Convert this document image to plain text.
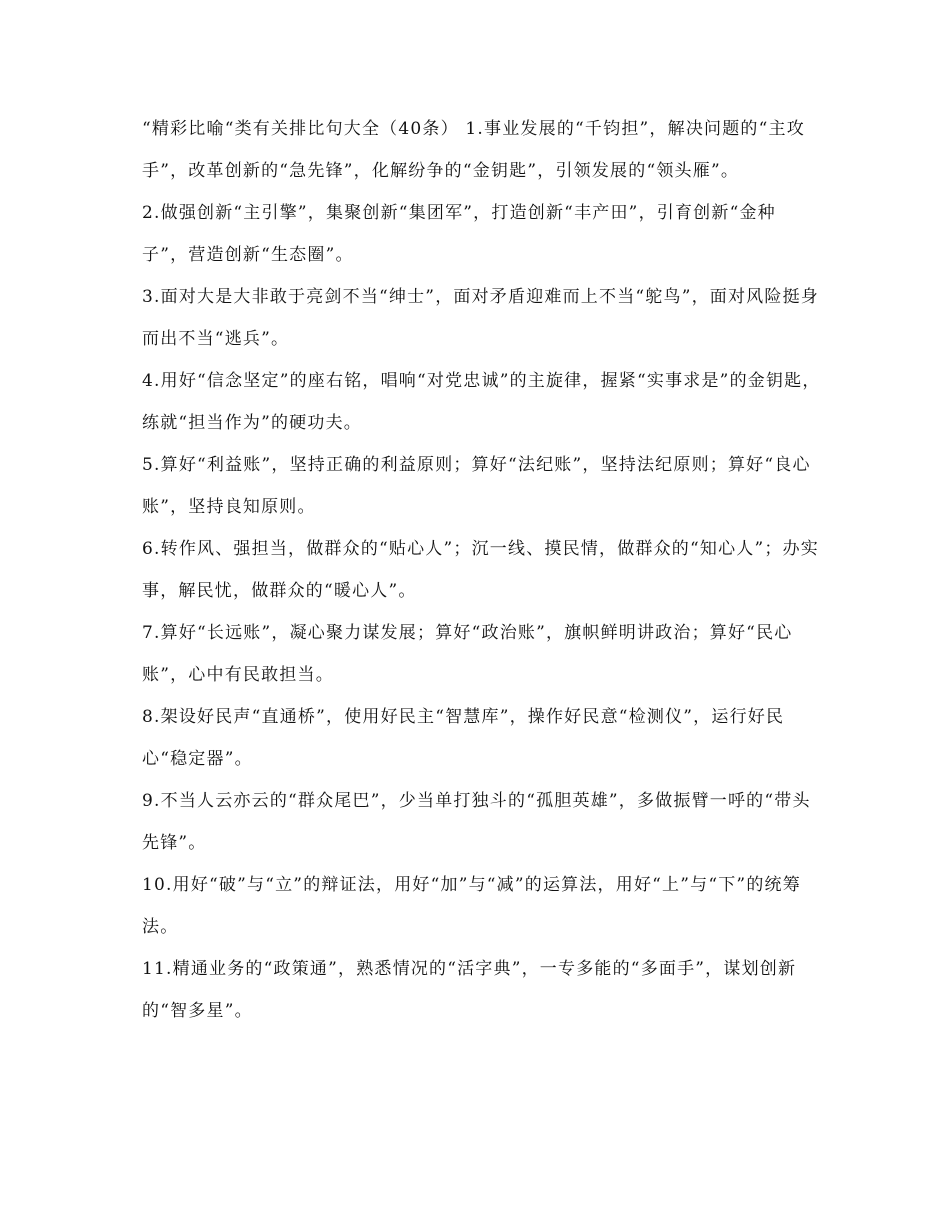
“精彩比喻“类有关排比句大全（40条） 1.事业发展的“千钧担”，解决问题的“主攻手”，改革创新的“急先锋”，化解纷争的“金钥匙”，引领发展的“领头雁”。

2.做强创新“主引擎”，集聚创新“集团军”，打造创新“丰产田”，引育创新“金种子”，营造创新“生态圈”。

3.面对大是大非敢于亮剑不当“绅士”，面对矛盾迎难而上不当“鸵鸟”，面对风险挺身而出不当“逃兵”。

4.用好“信念坚定”的座右铭，唱响“对党忠诚”的主旋律，握紧“实事求是”的金钥匙，练就“担当作为”的硬功夫。

5.算好“利益账”，坚持正确的利益原则；算好“法纪账”，坚持法纪原则；算好“良心账”，坚持良知原则。

6.转作风、强担当，做群众的“贴心人”；沉一线、摸民情，做群众的“知心人”；办实事，解民忧，做群众的“暖心人”。

7.算好“长远账”，凝心聚力谋发展；算好“政治账”，旗帜鲜明讲政治；算好“民心账”，心中有民敢担当。

8.架设好民声“直通桥”，使用好民主“智慧库”，操作好民意“检测仪”，运行好民心“稳定器”。

9.不当人云亦云的“群众尾巴”，少当单打独斗的“孤胆英雄”，多做振臂一呼的“带头先锋”。

10.用好“破”与“立”的辩证法，用好“加”与“减”的运算法，用好“上”与“下”的统筹法。

11.精通业务的“政策通”，熟悉情况的“活字典”，一专多能的“多面手”，谋划创新的“智多星”。
